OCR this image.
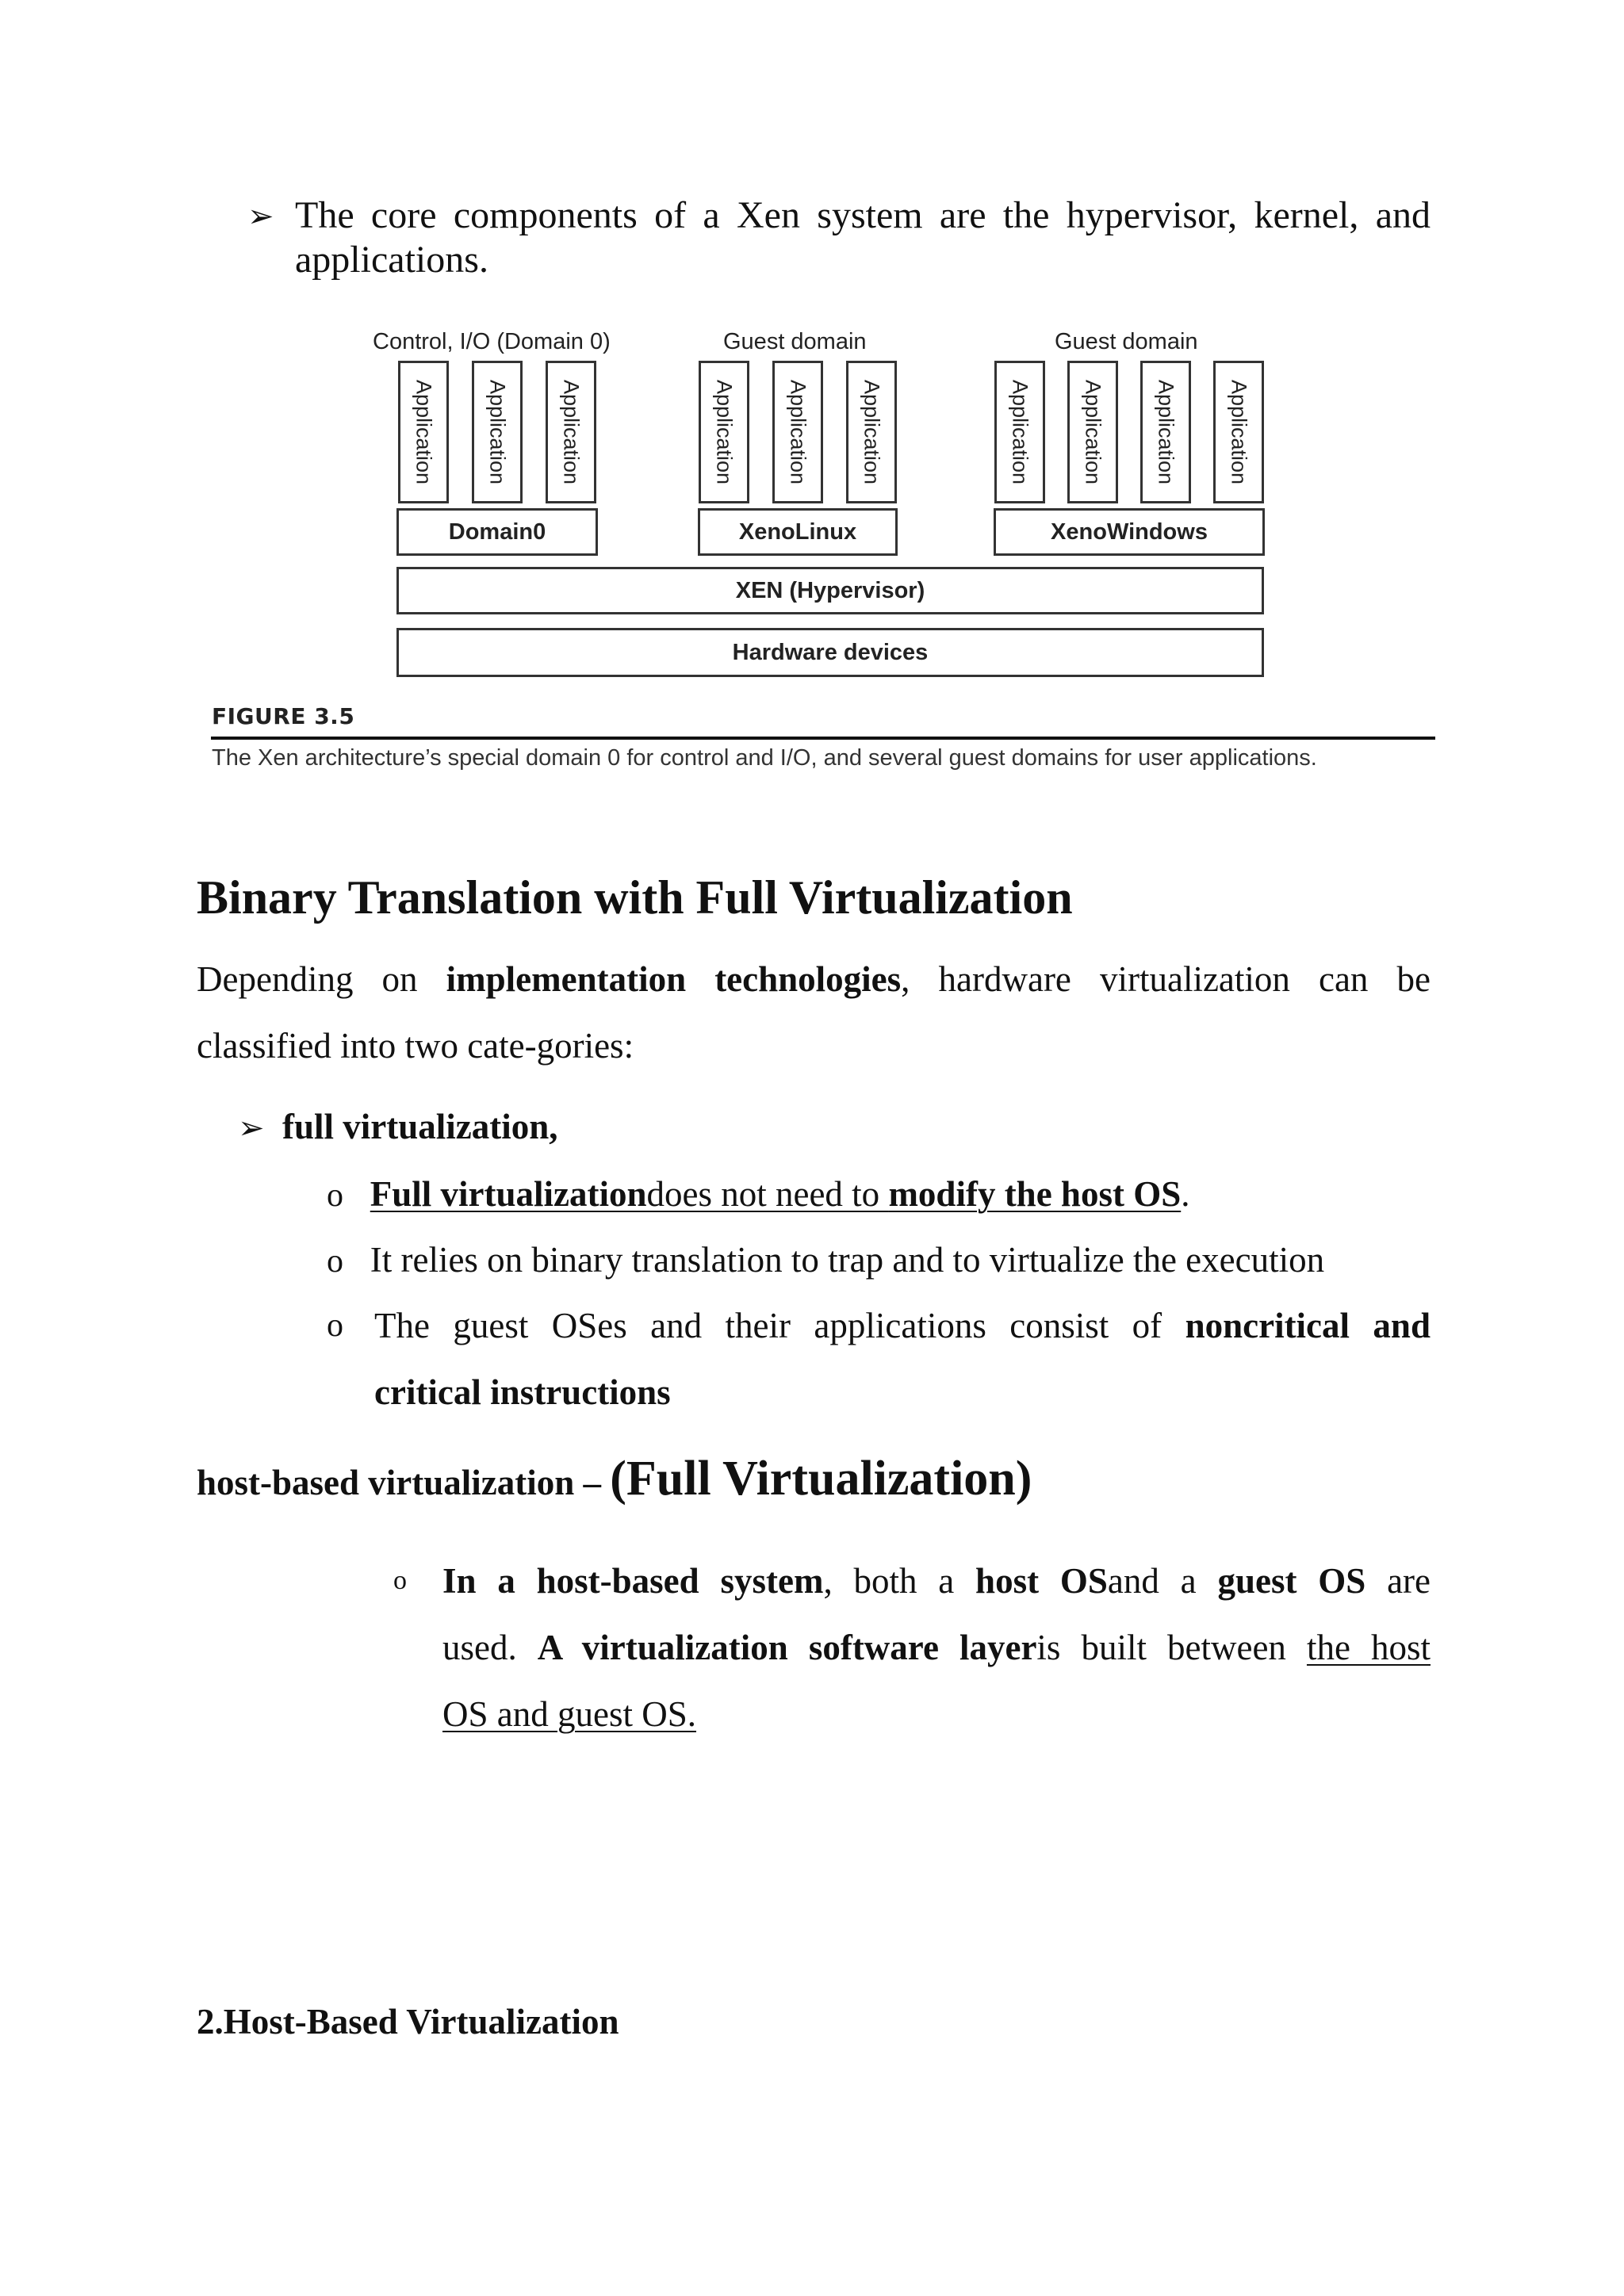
➢ The core components of a Xen system are the hypervisor, kernel, and applications.
Control, I/O (Domain 0)	Guest domain	Guest domain
Application Application Application	Application Application Application	Application Application Application Application
Domain0	XenoLinux	XenoWindows
XEN (Hypervisor)
Hardware devices
FIGURE 3.5
The Xen architecture’s special domain 0 for control and I/O, and several guest domains for user applications.
Binary Translation with Full Virtualization
Depending on implementation technologies, hardware virtualization can be
classified into two cate-gories:
➢ full virtualization,
o Full virtualizationdoes not need to modify the host OS.
o It relies on binary translation to trap and to virtualize the execution
o The guest OSes and their applications consist of noncritical and
critical instructions
host-based virtualization – (Full Virtualization)
o In a host-based system, both a host OSand a guest OS are
used. A virtualization software layeris built between the host
OS and guest OS.
2.Host-Based Virtualization
